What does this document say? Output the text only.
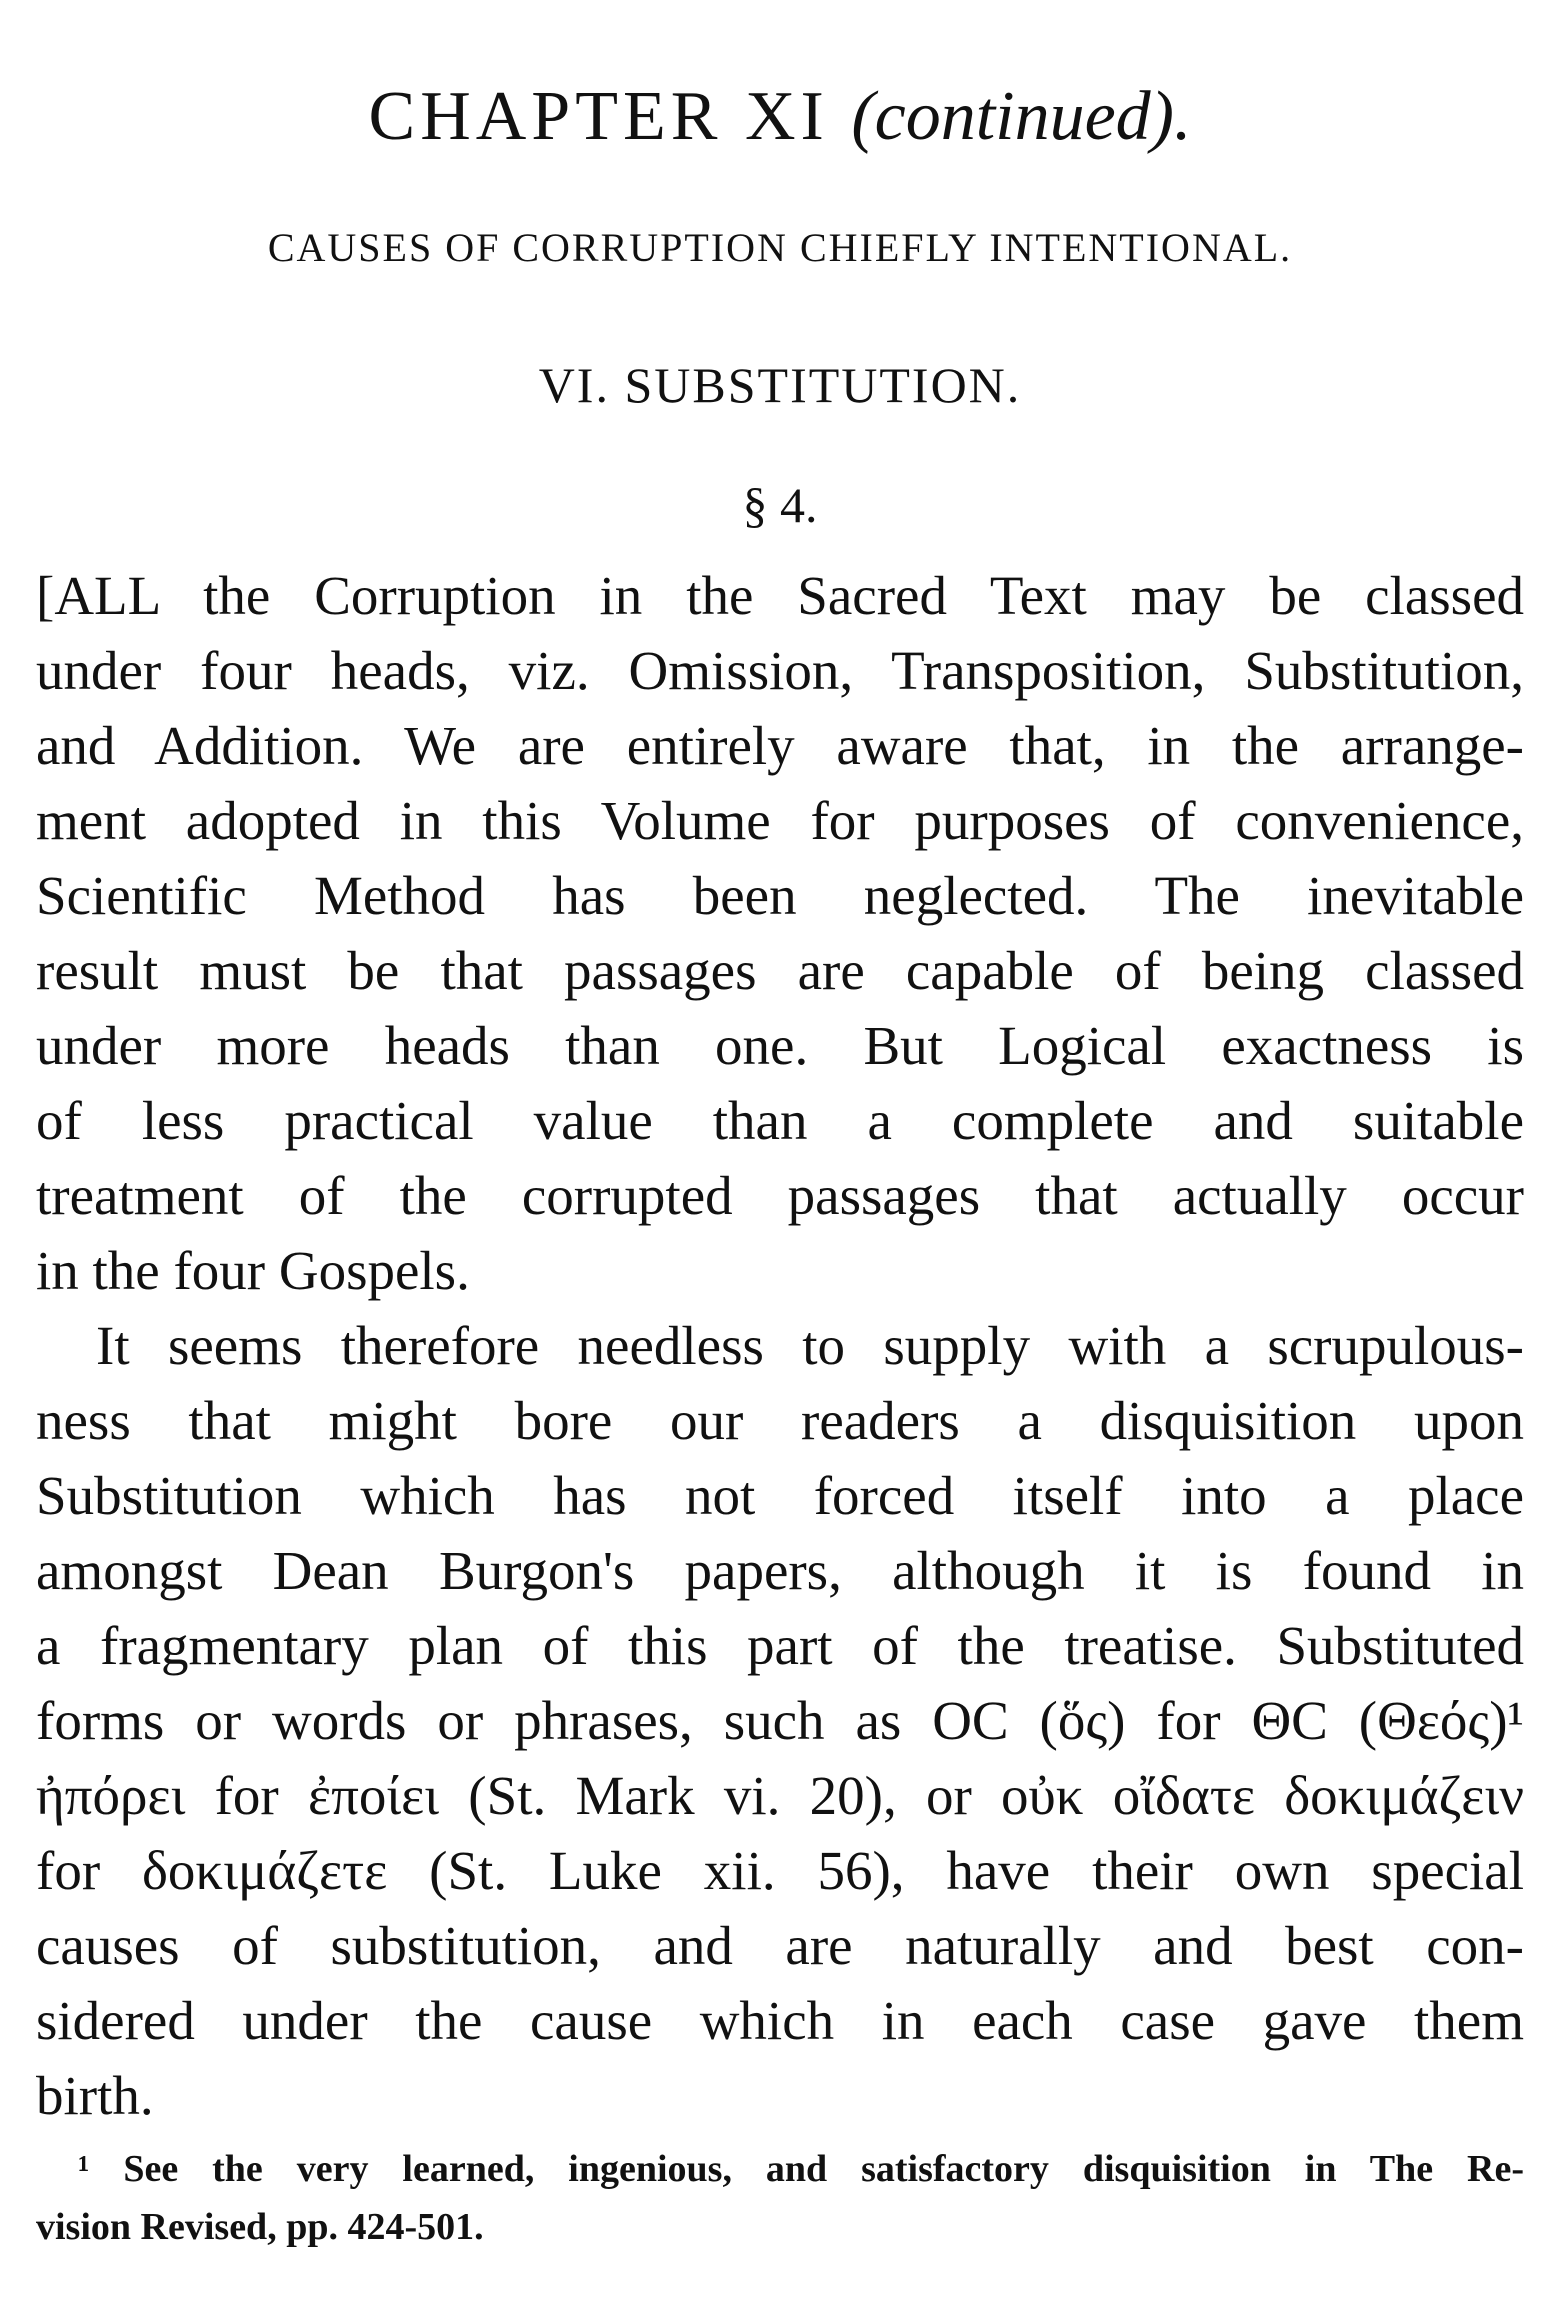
CHAPTER XI (continued).
CAUSES OF CORRUPTION CHIEFLY INTENTIONAL.
VI. SUBSTITUTION.
§ 4.
[ALL the Corruption in the Sacred Text may be classed
under four heads, viz. Omission, Transposition, Substitution,
and Addition. We are entirely aware that, in the arrange-
ment adopted in this Volume for purposes of convenience,
Scientific Method has been neglected. The inevitable
result must be that passages are capable of being classed
under more heads than one. But Logical exactness is
of less practical value than a complete and suitable
treatment of the corrupted passages that actually occur
in the four Gospels.
It seems therefore needless to supply with a scrupulous-
ness that might bore our readers a disquisition upon
Substitution which has not forced itself into a place
amongst Dean Burgon's papers, although it is found in
a fragmentary plan of this part of the treatise. Substituted
forms or words or phrases, such as ΟϹ (ὅς) for ΘϹ (Θεός)¹
ἠπόρει for ἐποίει (St. Mark vi. 20), or οὐκ οἴδατε δοκιμάζειν
for δοκιμάζετε (St. Luke xii. 56), have their own special
causes of substitution, and are naturally and best con-
sidered under the cause which in each case gave them
birth.
¹ See the very learned, ingenious, and satisfactory disquisition in The Re-
vision Revised, pp. 424-501.
